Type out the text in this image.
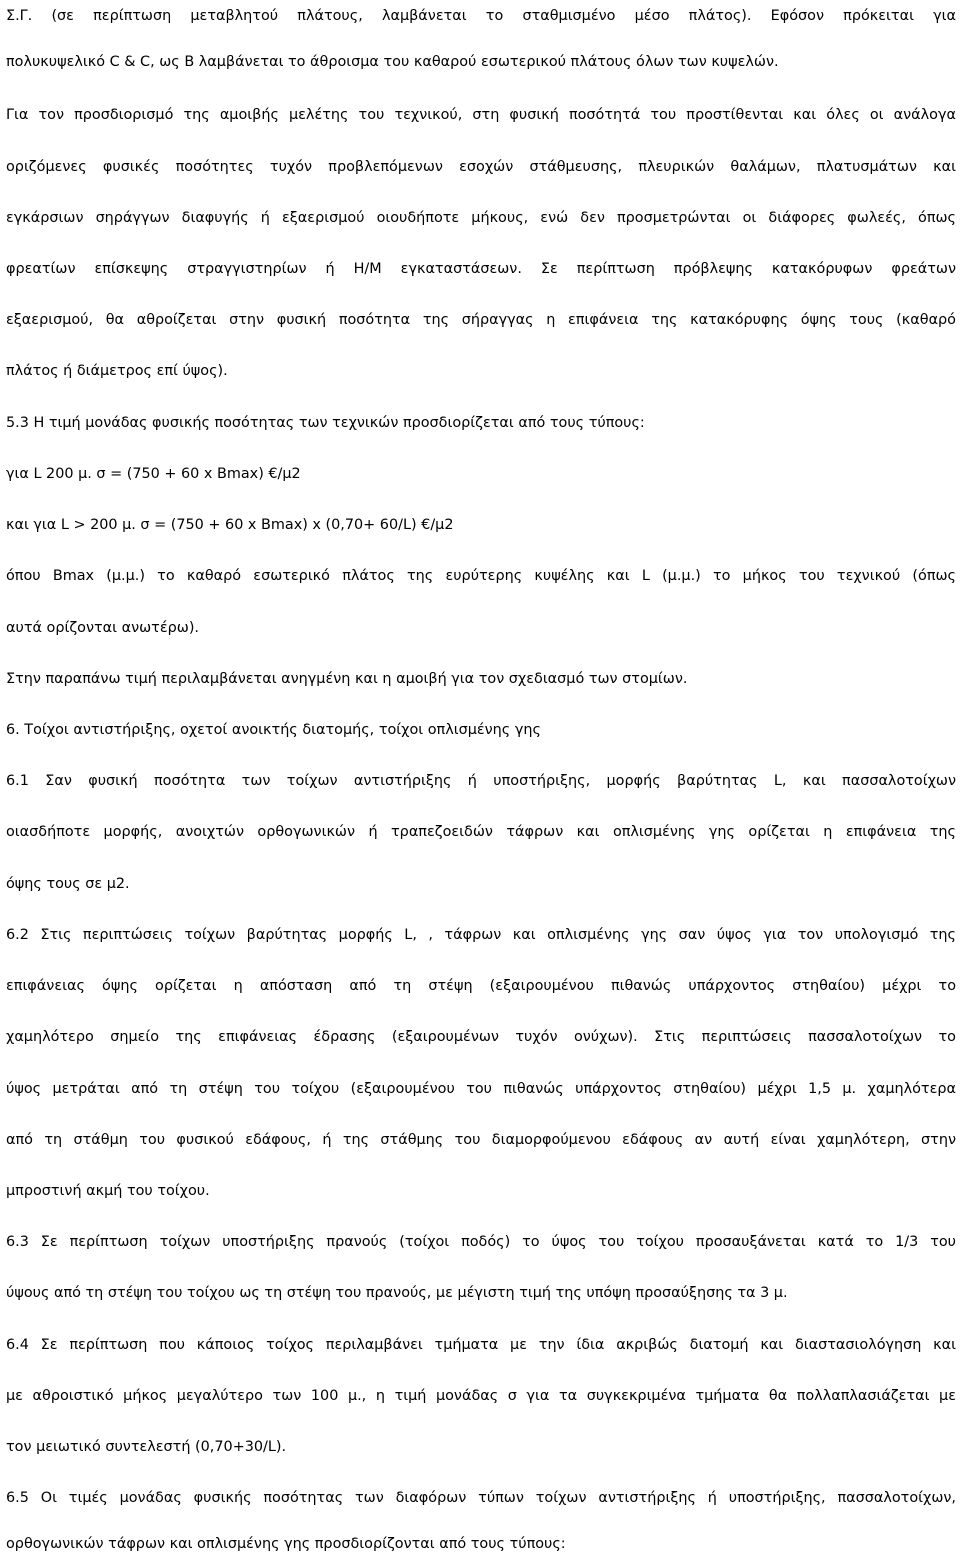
Σ.Γ. (σε περίπτωση μεταβλητού πλάτους, λαμβάνεται το σταθμισμένο μέσο πλάτος). Εφόσον πρόκειται για
πολυκυψελικό C & C, ως Β λαμβάνεται το άθροισμα του καθαρού εσωτερικού πλάτους όλων των κυψελών.
Για τον προσδιορισμό της αμοιβής μελέτης του τεχνικού, στη φυσική ποσότητά του προστίθενται και όλες οι ανάλογα
οριζόμενες φυσικές ποσότητες τυχόν προβλεπόμενων εσοχών στάθμευσης, πλευρικών θαλάμων, πλατυσμάτων και
εγκάρσιων σηράγγων διαφυγής ή εξαερισμού οιουδήποτε μήκους, ενώ δεν προσμετρώνται οι διάφορες φωλεές, όπως
φρεατίων επίσκεψης στραγγιστηρίων ή Η/Μ εγκαταστάσεων. Σε περίπτωση πρόβλεψης κατακόρυφων φρεάτων
εξαερισμού, θα αθροίζεται στην φυσική ποσότητα της σήραγγας η επιφάνεια της κατακόρυφης όψης τους (καθαρό
πλάτος ή διάμετρος επί ύψος).
5.3 Η τιμή μονάδας φυσικής ποσότητας των τεχνικών προσδιορίζεται από τους τύπους:
για L 200 μ. σ = (750 + 60 x Bmax) €/μ2
και για L > 200 μ. σ = (750 + 60 x Bmax) x (0,70+ 60/L) €/μ2
όπου Bmax (μ.μ.) το καθαρό εσωτερικό πλάτος της ευρύτερης κυψέλης και L (μ.μ.) το μήκος του τεχνικού (όπως
αυτά ορίζονται ανωτέρω).
Στην παραπάνω τιμή περιλαμβάνεται ανηγμένη και η αμοιβή για τον σχεδιασμό των στομίων.
6. Τοίχοι αντιστήριξης, οχετοί ανοικτής διατομής, τοίχοι οπλισμένης γης
6.1 Σαν φυσική ποσότητα των τοίχων αντιστήριξης ή υποστήριξης, μορφής βαρύτητας L, και πασσαλοτοίχων
οιασδήποτε μορφής, ανοιχτών ορθογωνικών ή τραπεζοειδών τάφρων και οπλισμένης γης ορίζεται η επιφάνεια της
όψης τους σε μ2.
6.2 Στις περιπτώσεις τοίχων βαρύτητας μορφής L, , τάφρων και οπλισμένης γης σαν ύψος για τον υπολογισμό της
επιφάνειας όψης ορίζεται η απόσταση από τη στέψη (εξαιρουμένου πιθανώς υπάρχοντος στηθαίου) μέχρι το
χαμηλότερο σημείο της επιφάνειας έδρασης (εξαιρουμένων τυχόν ονύχων). Στις περιπτώσεις πασσαλοτοίχων το
ύψος μετράται από τη στέψη του τοίχου (εξαιρουμένου του πιθανώς υπάρχοντος στηθαίου) μέχρι 1,5 μ. χαμηλότερα
από τη στάθμη του φυσικού εδάφους, ή της στάθμης του διαμορφούμενου εδάφους αν αυτή είναι χαμηλότερη, στην
μπροστινή ακμή του τοίχου.
6.3 Σε περίπτωση τοίχων υποστήριξης πρανούς (τοίχοι ποδός) το ύψος του τοίχου προσαυξάνεται κατά το 1/3 του
ύψους από τη στέψη του τοίχου ως τη στέψη του πρανούς, με μέγιστη τιμή της υπόψη προσαύξησης τα 3 μ.
6.4 Σε περίπτωση που κάποιος τοίχος περιλαμβάνει τμήματα με την ίδια ακριβώς διατομή και διαστασιολόγηση και
με αθροιστικό μήκος μεγαλύτερο των 100 μ., η τιμή μονάδας σ για τα συγκεκριμένα τμήματα θα πολλαπλασιάζεται με
τον μειωτικό συντελεστή (0,70+30/L).
6.5 Οι τιμές μονάδας φυσικής ποσότητας των διαφόρων τύπων τοίχων αντιστήριξης ή υποστήριξης, πασσαλοτοίχων,
ορθογωνικών τάφρων και οπλισμένης γης προσδιορίζονται από τους τύπους:
